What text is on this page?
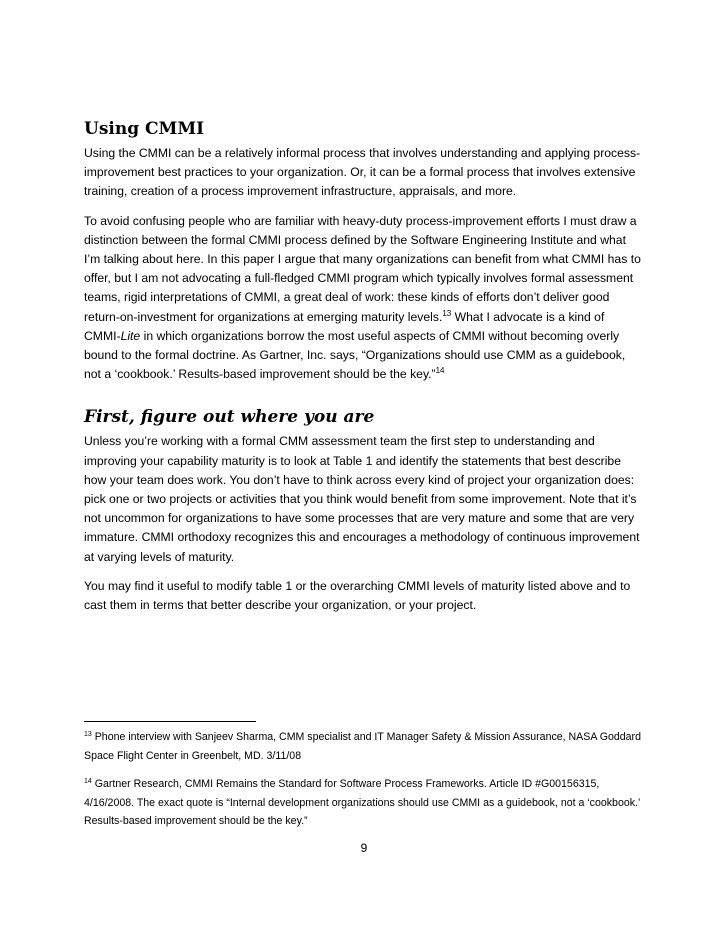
Using CMMI

Using the CMMI can be a relatively informal process that involves understanding and applying process-improvement best practices to your organization. Or, it can be a formal process that involves extensive training, creation of a process improvement infrastructure, appraisals, and more.

To avoid confusing people who are familiar with heavy-duty process-improvement efforts I must draw a distinction between the formal CMMI process defined by the Software Engineering Institute and what I’m talking about here. In this paper I argue that many organizations can benefit from what CMMI has to offer, but I am not advocating a full-fledged CMMI program which typically involves formal assessment teams, rigid interpretations of CMMI, a great deal of work: these kinds of efforts don’t deliver good return-on-investment for organizations at emerging maturity levels.$^{13}$ What I advocate is a kind of CMMI-Lite in which organizations borrow the most useful aspects of CMMI without becoming overly bound to the formal doctrine. As Gartner, Inc. says, “Organizations should use CMM as a guidebook, not a ‘cookbook.’ Results-based improvement should be the key.”$^{14}$

First, figure out where you are

Unless you’re working with a formal CMM assessment team the first step to understanding and improving your capability maturity is to look at Table 1 and identify the statements that best describe how your team does work. You don’t have to think across every kind of project your organization does: pick one or two projects or activities that you think would benefit from some improvement. Note that it’s not uncommon for organizations to have some processes that are very mature and some that are very immature. CMMI orthodoxy recognizes this and encourages a methodology of continuous improvement at varying levels of maturity.

You may find it useful to modify table 1 or the overarching CMMI levels of maturity listed above and to cast them in terms that better describe your organization, or your project.

$^{13}$ Phone interview with Sanjeev Sharma, CMM specialist and IT Manager Safety & Mission Assurance, NASA Goddard Space Flight Center in Greenbelt, MD. 3/11/08

$^{14}$ Gartner Research, CMMI Remains the Standard for Software Process Frameworks. Article ID #G00156315, 4/16/2008. The exact quote is “Internal development organizations should use CMMI as a guidebook, not a ‘cookbook.’ Results-based improvement should be the key.”

9
